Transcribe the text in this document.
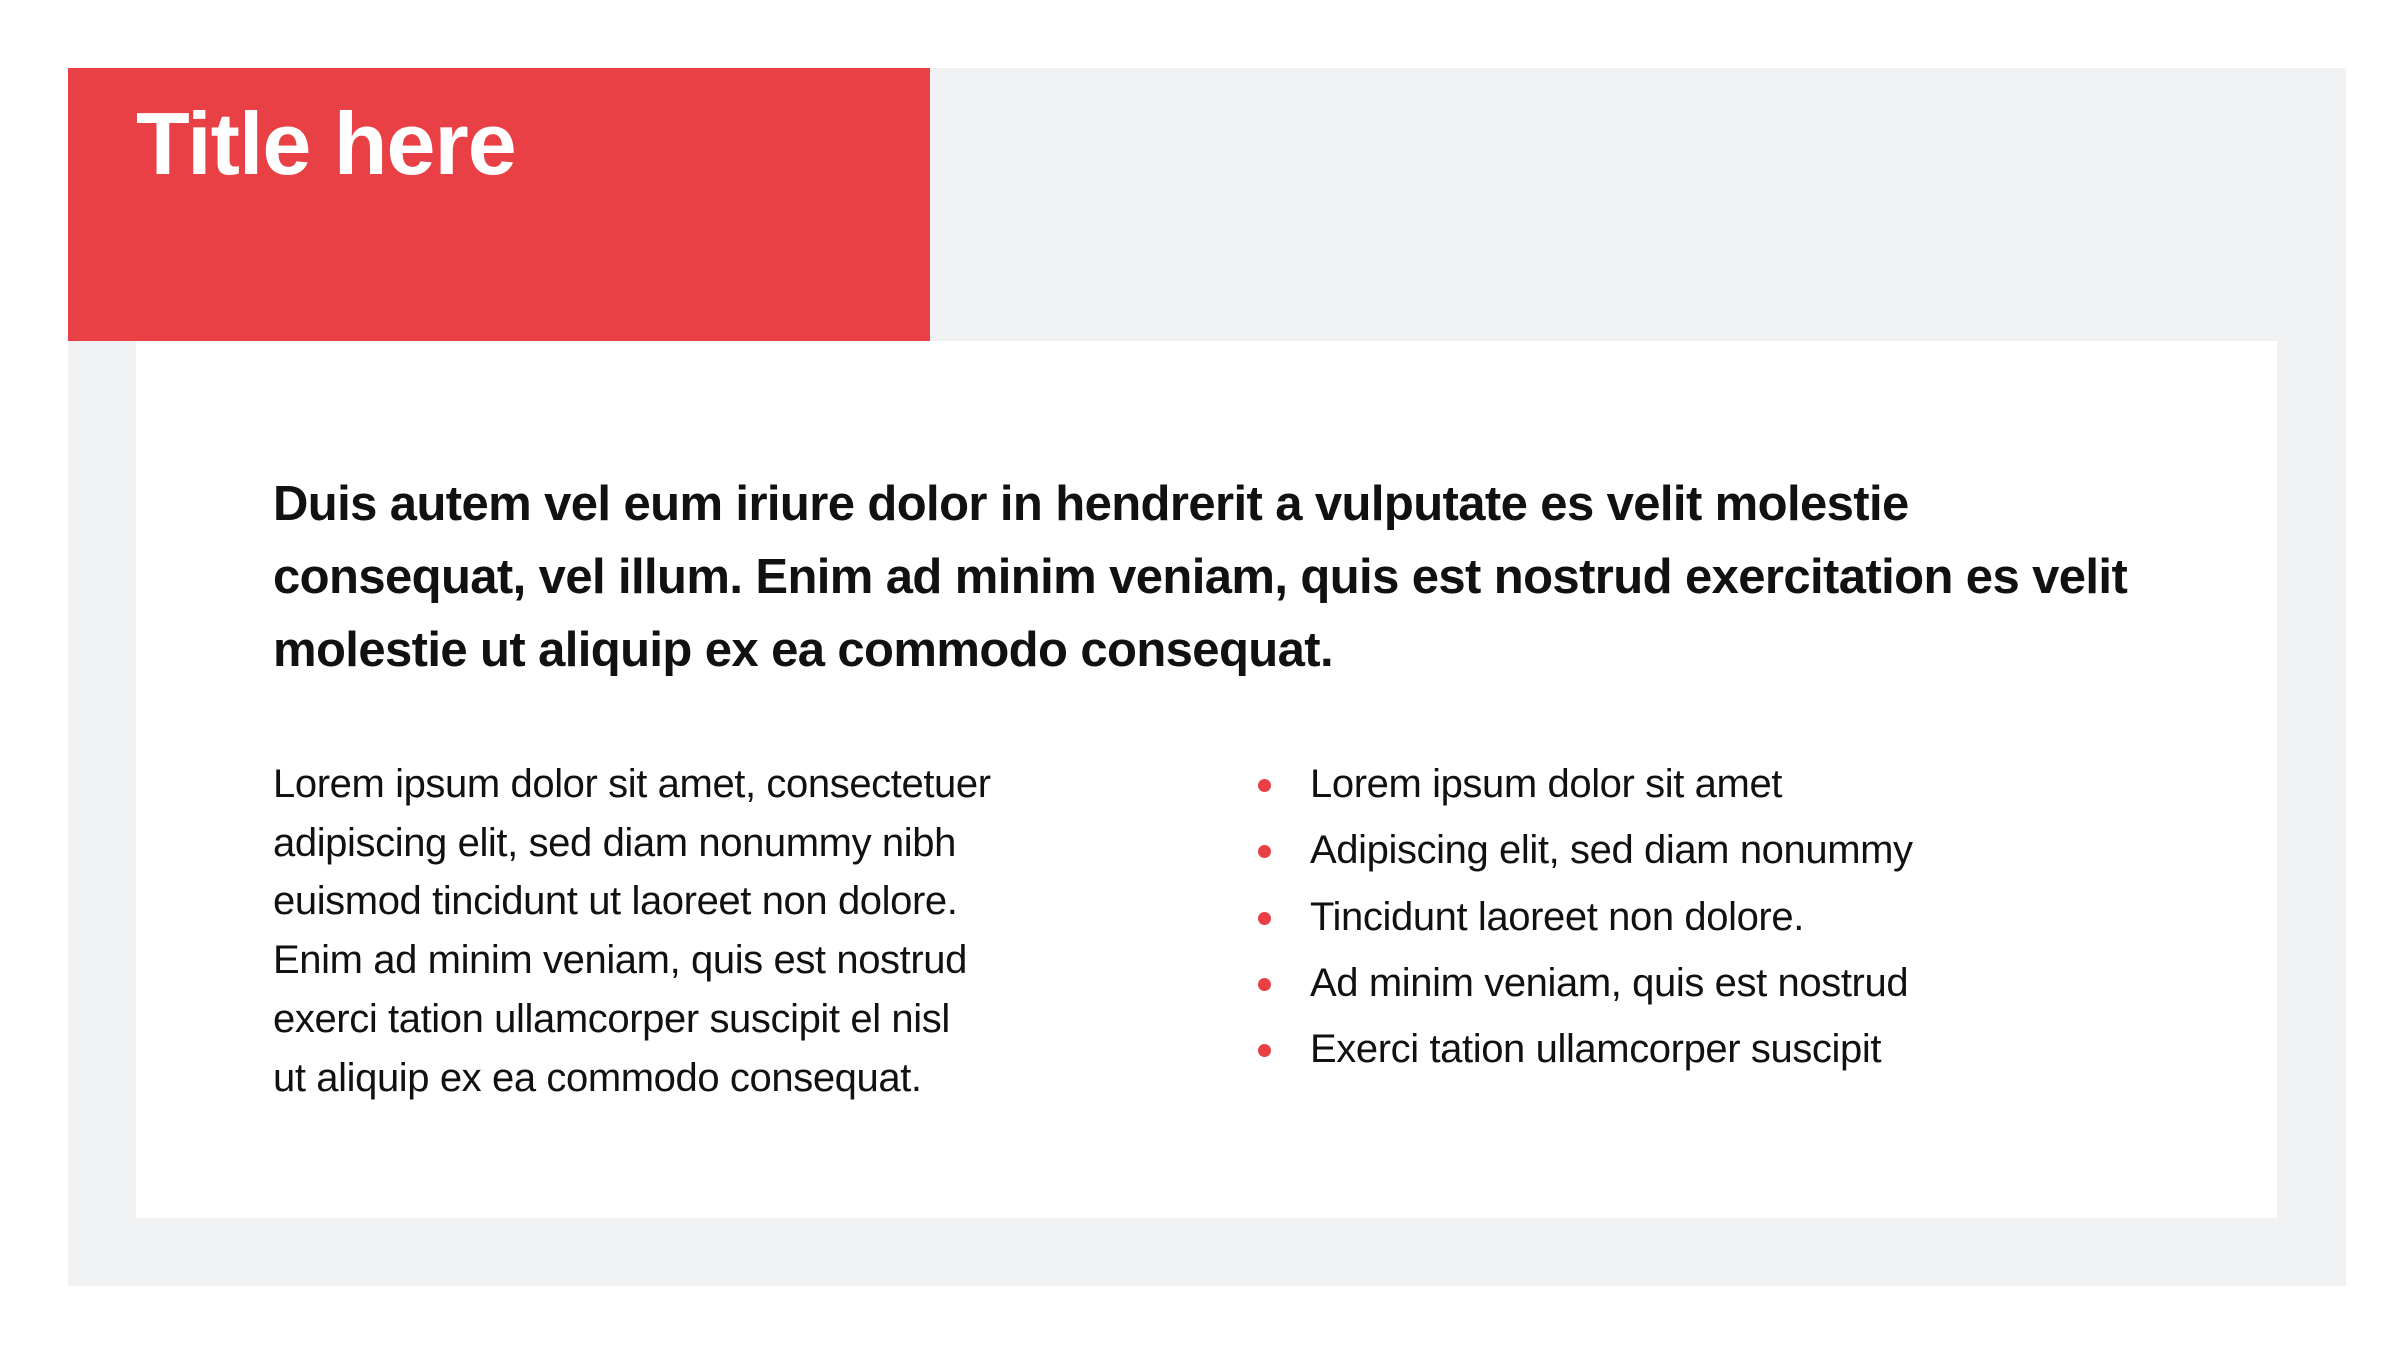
Title here

Duis autem vel eum iriure dolor in hendrerit a vulputate es velit molestie consequat, vel illum. Enim ad minim veniam, quis est nostrud exercitation es velit molestie ut aliquip ex ea commodo consequat.

Lorem ipsum dolor sit amet, consectetuer
adipiscing elit, sed diam nonummy nibh
euismod tincidunt ut laoreet non dolore.
Enim ad minim veniam, quis est nostrud
exerci tation ullamcorper suscipit el nisl
ut aliquip ex ea commodo consequat.
Lorem ipsum dolor sit amet
Adipiscing elit, sed diam nonummy
Tincidunt laoreet non dolore.
Ad minim veniam, quis est nostrud
Exerci tation ullamcorper suscipit
